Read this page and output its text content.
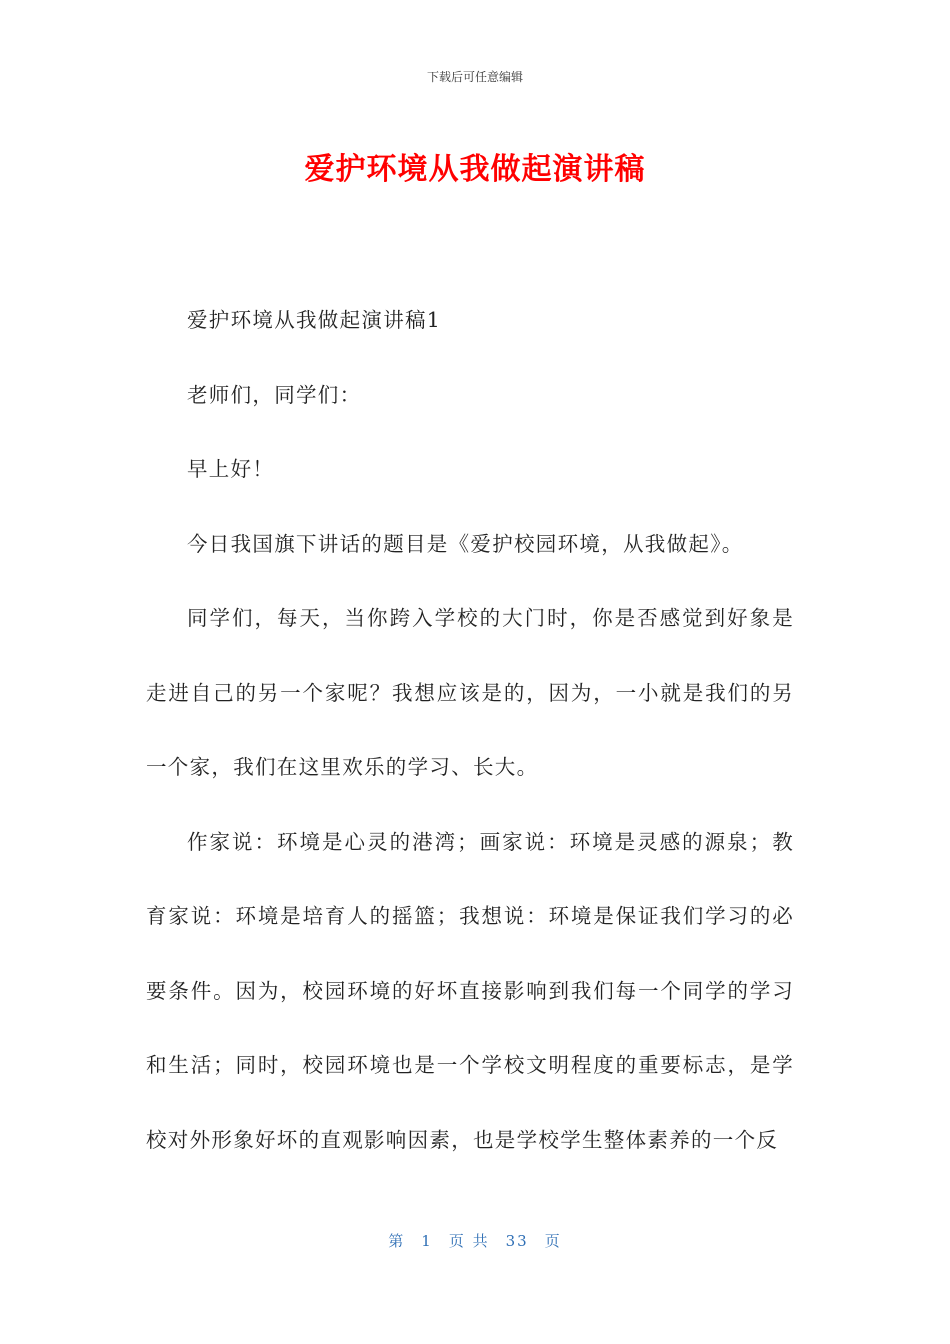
下载后可任意编辑
爱护环境从我做起演讲稿

爱护环境从我做起演讲稿1

老师们，同学们：

早上好！

今日我国旗下讲话的题目是《爱护校园环境，从我做起》。

同学们，每天，当你跨入学校的大门时，你是否感觉到好象是走进自己的另一个家呢？我想应该是的，因为，一小就是我们的另一个家，我们在这里欢乐的学习、长大。

作家说：环境是心灵的港湾；画家说：环境是灵感的源泉；教育家说：环境是培育人的摇篮；我想说：环境是保证我们学习的必要条件。因为，校园环境的好坏直接影响到我们每一个同学的学习和生活；同时，校园环境也是一个学校文明程度的重要标志，是学校对外形象好坏的直观影响因素，也是学校学生整体素养的一个反

第 1 页 共 33 页
